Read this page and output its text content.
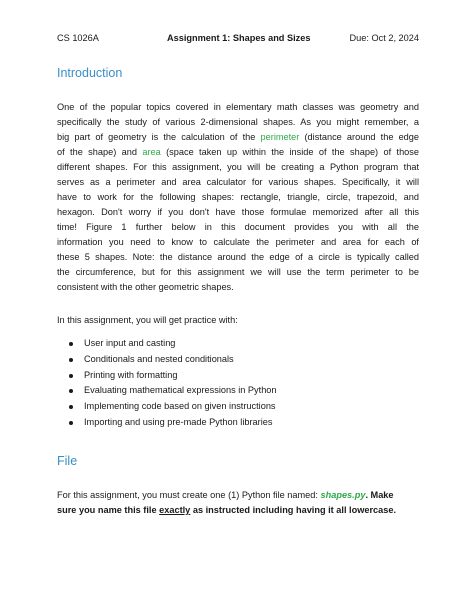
CS 1026A	Assignment 1: Shapes and Sizes	Due: Oct 2, 2024
Introduction

One of the popular topics covered in elementary math classes was geometry and
specifically the study of various 2-dimensional shapes. As you might remember, a
big part of geometry is the calculation of the perimeter (distance around the edge
of the shape) and area (space taken up within the inside of the shape) of those
different shapes. For this assignment, you will be creating a Python program that
serves as a perimeter and area calculator for various shapes. Specifically, it will
have to work for the following shapes: rectangle, triangle, circle, trapezoid, and
hexagon. Don't worry if you don't have those formulae memorized after all this
time! Figure 1 further below in this document provides you with all the
information you need to know to calculate the perimeter and area for each of
these 5 shapes. Note: the distance around the edge of a circle is typically called
the circumference, but for this assignment we will use the term perimeter to be
consistent with the other geometric shapes.

In this assignment, you will get practice with:

User input and casting
Conditionals and nested conditionals
Printing with formatting
Evaluating mathematical expressions in Python
Implementing code based on given instructions
Importing and using pre-made Python libraries
File

For this assignment, you must create one (1) Python file named: shapes.py. Make
sure you name this file exactly as instructed including having it all lowercase.
